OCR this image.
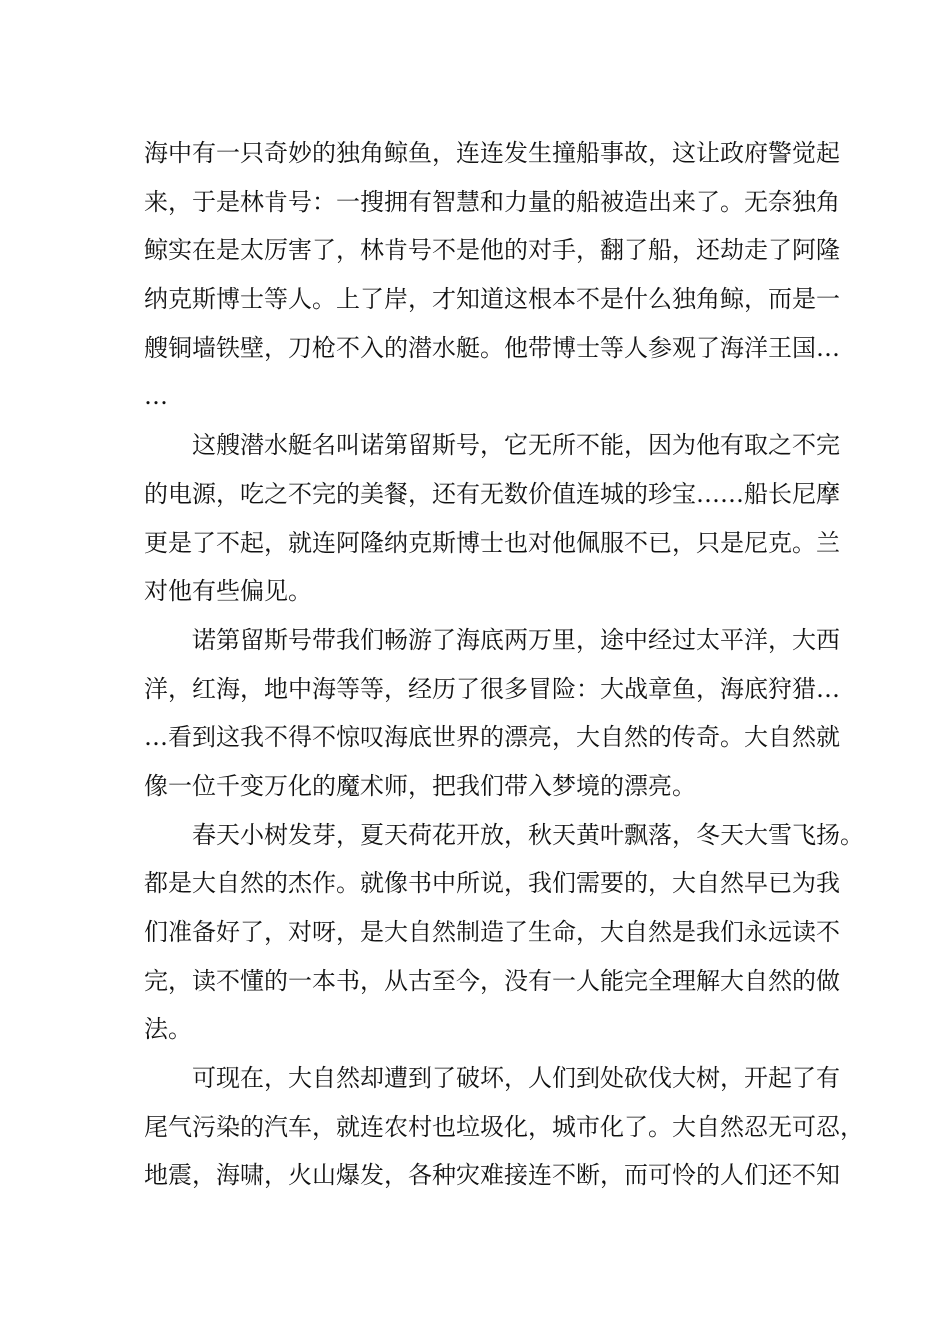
海中有一只奇妙的独角鲸鱼，连连发生撞船事故，这让政府警觉起
来，于是林肯号：一搜拥有智慧和力量的船被造出来了。无奈独角
鲸实在是太厉害了，林肯号不是他的对手，翻了船，还劫走了阿隆
纳克斯博士等人。上了岸，才知道这根本不是什么独角鲸，而是一
艘铜墙铁壁，刀枪不入的潜水艇。他带博士等人参观了海洋王国…
…
这艘潜水艇名叫诺第留斯号，它无所不能，因为他有取之不完
的电源，吃之不完的美餐，还有无数价值连城的珍宝……船长尼摩
更是了不起，就连阿隆纳克斯博士也对他佩服不已，只是尼克。兰
对他有些偏见。
诺第留斯号带我们畅游了海底两万里，途中经过太平洋，大西
洋，红海，地中海等等，经历了很多冒险：大战章鱼，海底狩猎…
…看到这我不得不惊叹海底世界的漂亮，大自然的传奇。大自然就
像一位千变万化的魔术师，把我们带入梦境的漂亮。
春天小树发芽，夏天荷花开放，秋天黄叶飘落，冬天大雪飞扬。
都是大自然的杰作。就像书中所说，我们需要的，大自然早已为我
们准备好了，对呀，是大自然制造了生命，大自然是我们永远读不
完，读不懂的一本书，从古至今，没有一人能完全理解大自然的做
法。
可现在，大自然却遭到了破坏，人们到处砍伐大树，开起了有
尾气污染的汽车，就连农村也垃圾化，城市化了。大自然忍无可忍，
地震，海啸，火山爆发，各种灾难接连不断，而可怜的人们还不知
